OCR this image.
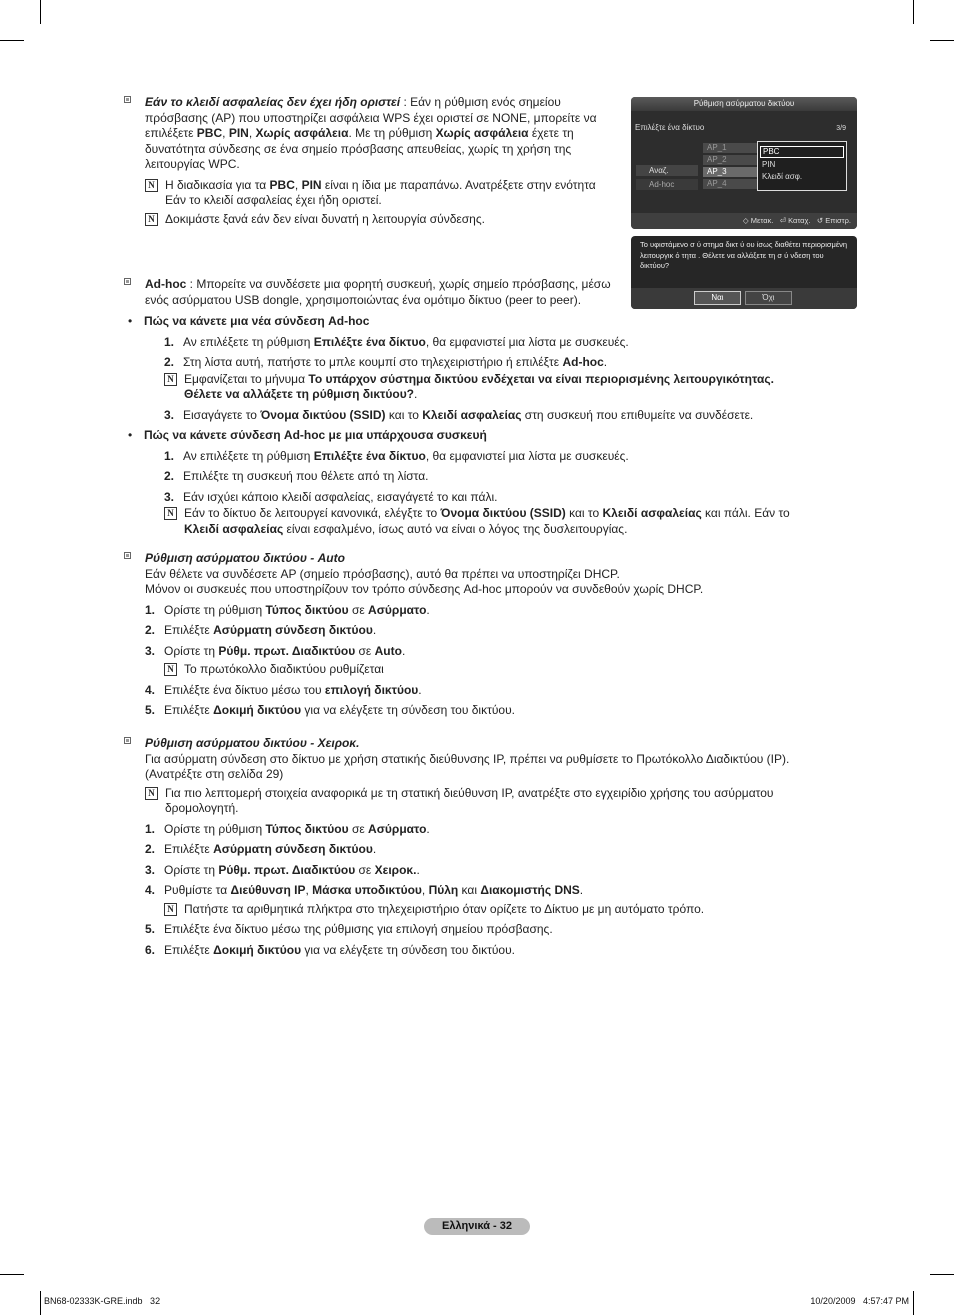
Εάν το κλειδί ασφαλείας δεν έχει ήδη οριστεί : Εάν η ρύθμιση ενός σημείου πρόσβασης (AP) που υποστηρίζει ασφάλεια WPS έχει οριστεί σε NONE, μπορείτε να επιλέξετε PBC, PIN, Χωρίς ασφάλεια. Με τη ρύθμιση Χωρίς ασφάλεια έχετε τη δυνατότητα σύνδεσης σε ένα σημείο πρόσβασης απευθείας, χωρίς τη χρήση της λειτουργίας WPC.
N Η διαδικασία για τα PBC, PIN είναι η ίδια με παραπάνω. Ανατρέξετε στην ενότητα Εάν το κλειδί ασφαλείας έχει ήδη οριστεί.
N Δοκιμάστε ξανά εάν δεν είναι δυνατή η λειτουργία σύνδεσης.
Ρύθμιση ασύρματου δικτύου
Επιλέξτε ένα δίκτυο	3/9
Αναζ.
Ad-hoc
AP_1
AP_2
AP_3
AP_4
PBC
PIN
Κλειδί ασφ.
◇ Μετακ. ⏎ Καταχ. ↺ Επιστρ.
Το υφιστάμενο σ ύ στημα δικτ ύ ου ίσως διαθέτει περιορισμένη λειτουργικ ό τητα . Θέλετε να αλλάξετε τη σ ύ νδεση του δικτύου?
Ναι	Όχι
Ad-hoc : Μπορείτε να συνδέσετε μια φορητή συσκευή, χωρίς σημείο πρόσβασης, μέσω ενός ασύρματου USB dongle, χρησιμοποιώντας ένα ομότιμο δίκτυο (peer to peer).
• Πώς να κάνετε μια νέα σύνδεση Ad-hoc
1. Αν επιλέξετε τη ρύθμιση Επιλέξτε ένα δίκτυο, θα εμφανιστεί μια λίστα με συσκευές.
2. Στη λίστα αυτή, πατήστε το μπλε κουμπί στο τηλεχειριστήριο ή επιλέξτε Ad-hoc.
N Εμφανίζεται το μήνυμα Το υπάρχον σύστημα δικτύου ενδέχεται να είναι περιορισμένης λειτουργικότητας. Θέλετε να αλλάξετε τη ρύθμιση δικτύου?.
3. Εισαγάγετε το Όνομα δικτύου (SSID) και το Κλειδί ασφαλείας στη συσκευή που επιθυμείτε να συνδέσετε.
• Πώς να κάνετε σύνδεση Ad-hoc με μια υπάρχουσα συσκευή
1. Αν επιλέξετε τη ρύθμιση Επιλέξτε ένα δίκτυο, θα εμφανιστεί μια λίστα με συσκευές.
2. Επιλέξτε τη συσκευή που θέλετε από τη λίστα.
3. Εάν ισχύει κάποιο κλειδί ασφαλείας, εισαγάγετέ το και πάλι.
N Εάν το δίκτυο δε λειτουργεί κανονικά, ελέγξτε το Όνομα δικτύου (SSID) και το Κλειδί ασφαλείας και πάλι. Εάν το Κλειδί ασφαλείας είναι εσφαλμένο, ίσως αυτό να είναι ο λόγος της δυσλειτουργίας.
Ρύθμιση ασύρματου δικτύου - Auto
Εάν θέλετε να συνδέσετε AP (σημείο πρόσβασης), αυτό θα πρέπει να υποστηρίζει DHCP.
Μόνον οι συσκευές που υποστηρίζουν τον τρόπο σύνδεσης Ad-hoc μπορούν να συνδεθούν χωρίς DHCP.
1. Ορίστε τη ρύθμιση Τύπος δικτύου σε Ασύρματο.
2. Επιλέξτε Ασύρματη σύνδεση δικτύου.
3. Ορίστε τη Ρύθμ. πρωτ. Διαδικτύου σε Auto.
N Το πρωτόκολλο διαδικτύου ρυθμίζεται
4. Επιλέξτε ένα δίκτυο μέσω του επιλογή δικτύου.
5. Επιλέξτε Δοκιμή δικτύου για να ελέγξετε τη σύνδεση του δικτύου.
Ρύθμιση ασύρματου δικτύου - Χειροκ.
Για ασύρματη σύνδεση στο δίκτυο με χρήση στατικής διεύθυνσης IP, πρέπει να ρυθμίσετε το Πρωτόκολλο Διαδικτύου (IP). (Ανατρέξτε στη σελίδα 29)
N Για πιο λεπτομερή στοιχεία αναφορικά με τη στατική διεύθυνση IP, ανατρέξτε στο εγχειρίδιο χρήσης του ασύρματου δρομολογητή.
1. Ορίστε τη ρύθμιση Τύπος δικτύου σε Ασύρματο.
2. Επιλέξτε Ασύρματη σύνδεση δικτύου.
3. Ορίστε τη Ρύθμ. πρωτ. Διαδικτύου σε Χειροκ..
4. Ρυθμίστε τα Διεύθυνση IP, Μάσκα υποδικτύου, Πύλη και Διακομιστής DNS.
N Πατήστε τα αριθμητικά πλήκτρα στο τηλεχειριστήριο όταν ορίζετε το Δίκτυο με μη αυτόματο τρόπο.
5. Επιλέξτε ένα δίκτυο μέσω της ρύθμισης για επιλογή σημείου πρόσβασης.
6. Επιλέξτε Δοκιμή δικτύου για να ελέγξετε τη σύνδεση του δικτύου.
Ελληνικά - 32
BN68-02333K-GRE.indb   32	10/20/2009   4:57:47 PM
